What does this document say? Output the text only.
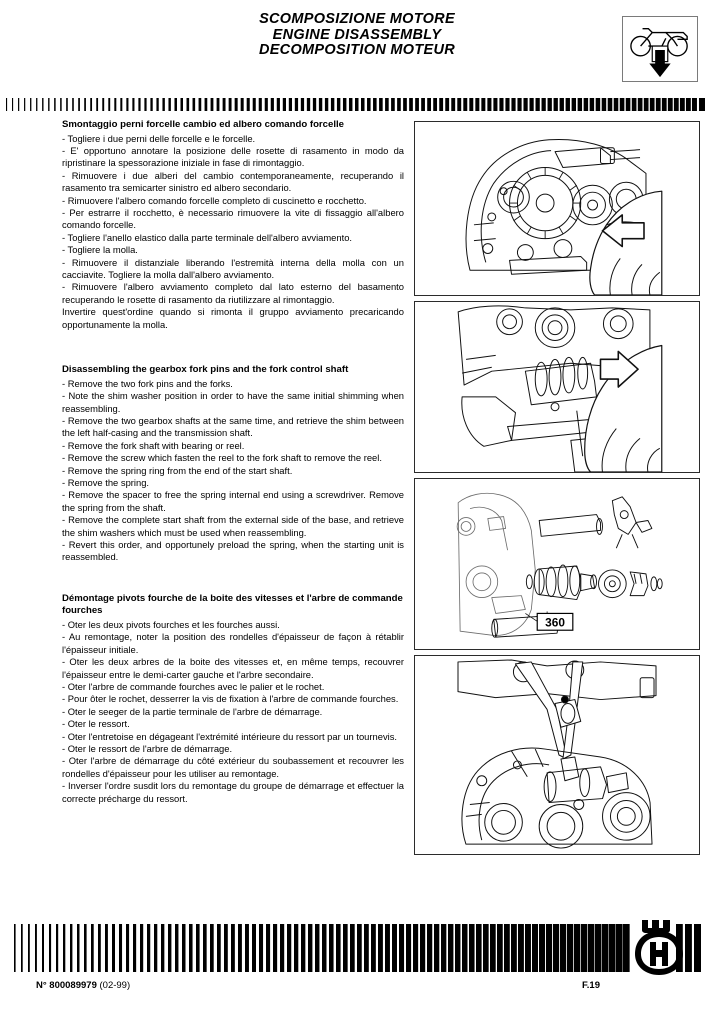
SCOMPOSIZIONE MOTORE
ENGINE DISASSEMBLY
DECOMPOSITION MOTEUR
Smontaggio perni forcelle cambio ed albero comando forcelle

- Togliere i due perni delle forcelle e le forcelle.

- E' opportuno annotare la posizione delle rosette di rasamento in modo da ripristinare la spessorazione iniziale in fase di rimontaggio.

- Rimuovere i due alberi del cambio contemporaneamente, recuperando il rasamento tra semicarter sinistro ed albero secondario.

- Rimuovere l'albero comando forcelle completo di cuscinetto e rocchetto.

- Per estrarre il rocchetto, è necessario rimuovere la vite di fissaggio all'albero comando forcelle.

- Togliere l'anello elastico dalla parte terminale dell'albero avviamento.

- Togliere la molla.

- Rimuovere il distanziale liberando l'estremità interna della molla con un cacciavite. Togliere la molla dall'albero avviamento.

- Rimuovere l'albero avviamento completo dal lato esterno del basamento recuperando le rosette di rasamento da riutilizzare al rimontaggio.

Invertire quest'ordine quando si rimonta il gruppo avviamento precaricando opportunamente la molla.

Disassembling the gearbox fork pins and the fork control shaft

- Remove the two fork pins and the forks.

- Note the shim washer position in order to have the same initial shimming when reassembling.

- Remove the two gearbox shafts at the same time, and retrieve the shim between the left half-casing and the transmission shaft.

- Remove the fork shaft with bearing or reel.

- Remove the screw which fasten the reel to the fork shaft to remove the reel.

- Remove the spring ring from the end of the start shaft.

- Remove the spring.

- Remove the spacer to free the spring internal end using a screwdriver. Remove the spring from the shaft.

- Remove the complete start shaft from the external side of the base, and retrieve the shim washers which must be used when reassembling.

- Revert this order, and opportunely preload the spring, when the starting unit is reassembled.

Démontage pivots fourche de la boite des vitesses et l'arbre de commande fourches

- Oter les deux pivots fourches et les fourches aussi.

- Au remontage, noter la position des rondelles d'épaisseur de façon à rétablir l'épaisseur initiale.

- Oter les deux arbres de la boite des vitesses et, en même temps, recouvrer l'épaisseur entre le demi-carter gauche et l'arbre secondaire.

- Oter l'arbre de commande fourches avec le palier et le rochet.

- Pour ôter le rochet, desserrer la vis de fixation à l'arbre de commande fourches.

- Oter le seeger de la partie terminale de l'arbre de démarrage.

- Oter le ressort.

- Oter l'entretoise en dégageant l'extrémité intérieure du ressort par un tournevis.

- Oter le ressort de l'arbre de démarrage.

- Oter l'arbre de démarrage du côté extérieur du soubassement et recouvrer les rondelles d'épaisseur pour les utiliser au remontage.

- Inverser l'ordre susdit lors du remontage du groupe de démarrage et effectuer la correcte précharge du ressort.

360
N° 800089979 (02-99)	F.19
